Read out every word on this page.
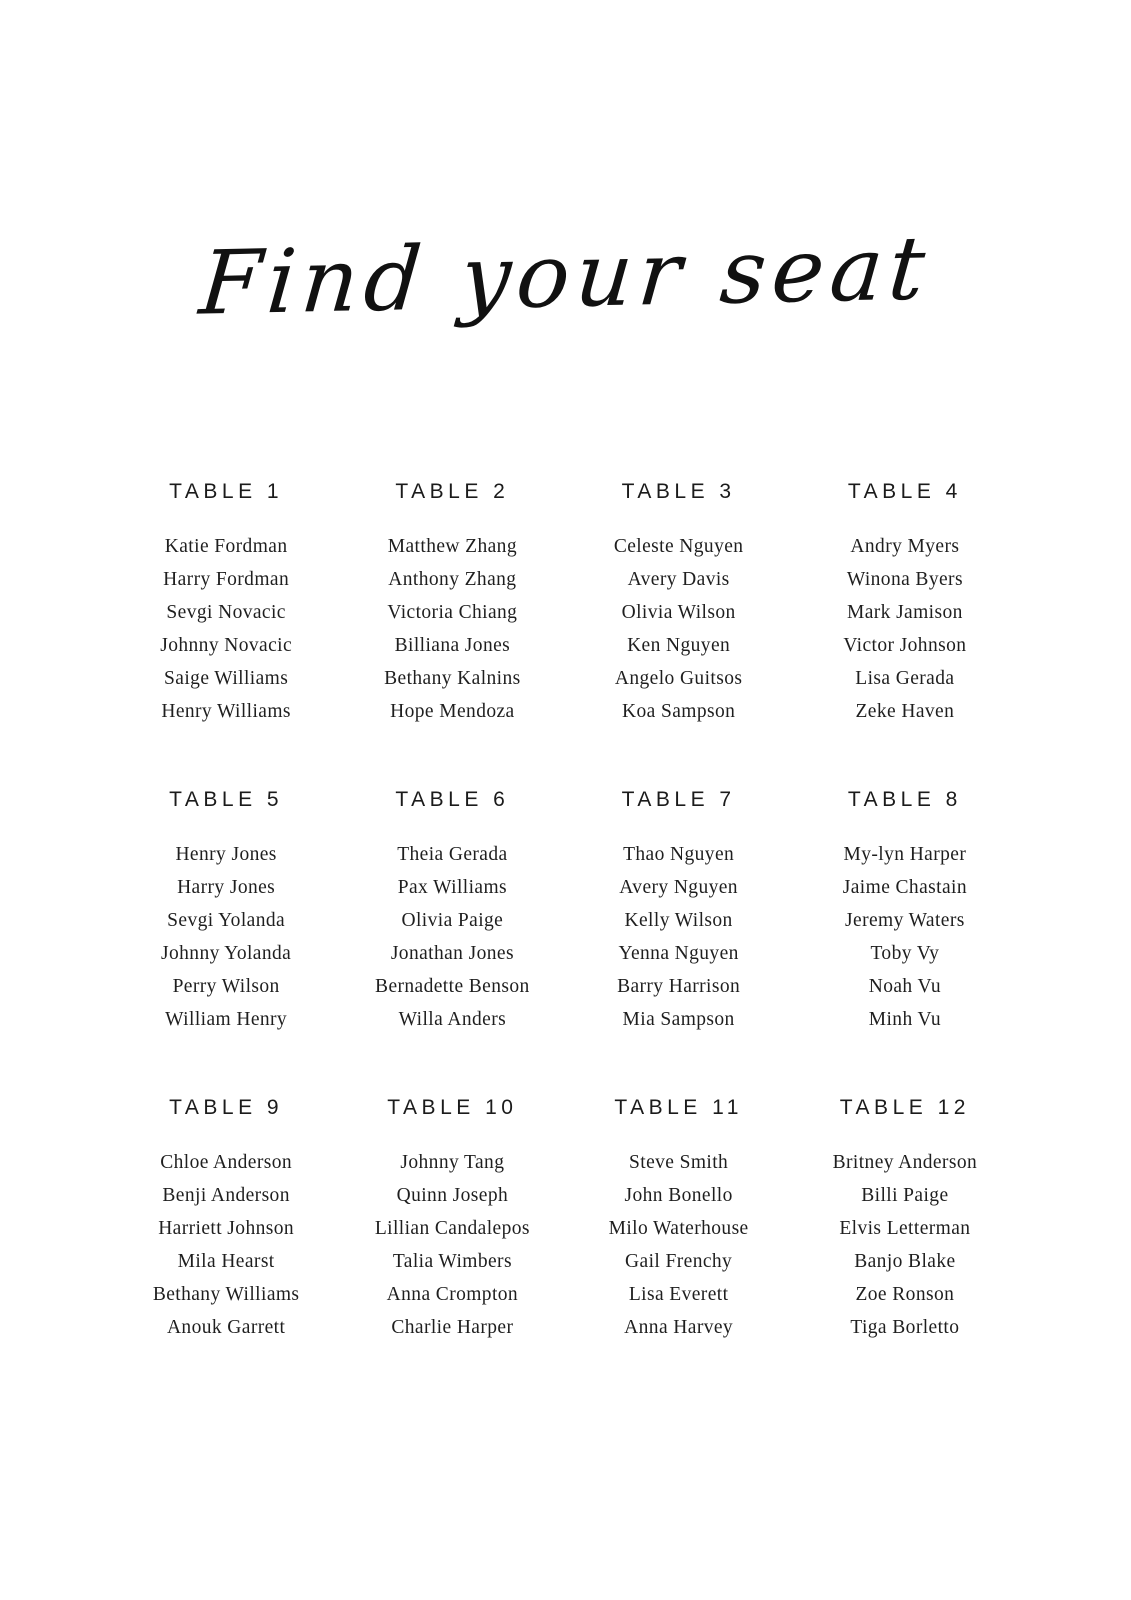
Find your seat
TABLE 1
Katie Fordman
Harry Fordman
Sevgi Novacic
Johnny Novacic
Saige Williams
Henry Williams
TABLE 2
Matthew Zhang
Anthony Zhang
Victoria Chiang
Billiana Jones
Bethany Kalnins
Hope Mendoza
TABLE 3
Celeste Nguyen
Avery Davis
Olivia Wilson
Ken Nguyen
Angelo Guitsos
Koa Sampson
TABLE 4
Andry Myers
Winona Byers
Mark Jamison
Victor Johnson
Lisa Gerada
Zeke Haven
TABLE 5
Henry Jones
Harry Jones
Sevgi Yolanda
Johnny Yolanda
Perry Wilson
William Henry
TABLE 6
Theia Gerada
Pax Williams
Olivia Paige
Jonathan Jones
Bernadette Benson
Willa Anders
TABLE 7
Thao Nguyen
Avery Nguyen
Kelly Wilson
Yenna Nguyen
Barry Harrison
Mia Sampson
TABLE 8
My-lyn Harper
Jaime Chastain
Jeremy Waters
Toby Vy
Noah Vu
Minh Vu
TABLE 9
Chloe Anderson
Benji Anderson
Harriett Johnson
Mila Hearst
Bethany Williams
Anouk Garrett
TABLE 10
Johnny Tang
Quinn Joseph
Lillian Candalepos
Talia Wimbers
Anna Crompton
Charlie Harper
TABLE 11
Steve Smith
John Bonello
Milo Waterhouse
Gail Frenchy
Lisa Everett
Anna Harvey
TABLE 12
Britney Anderson
Billi Paige
Elvis Letterman
Banjo Blake
Zoe Ronson
Tiga Borletto
